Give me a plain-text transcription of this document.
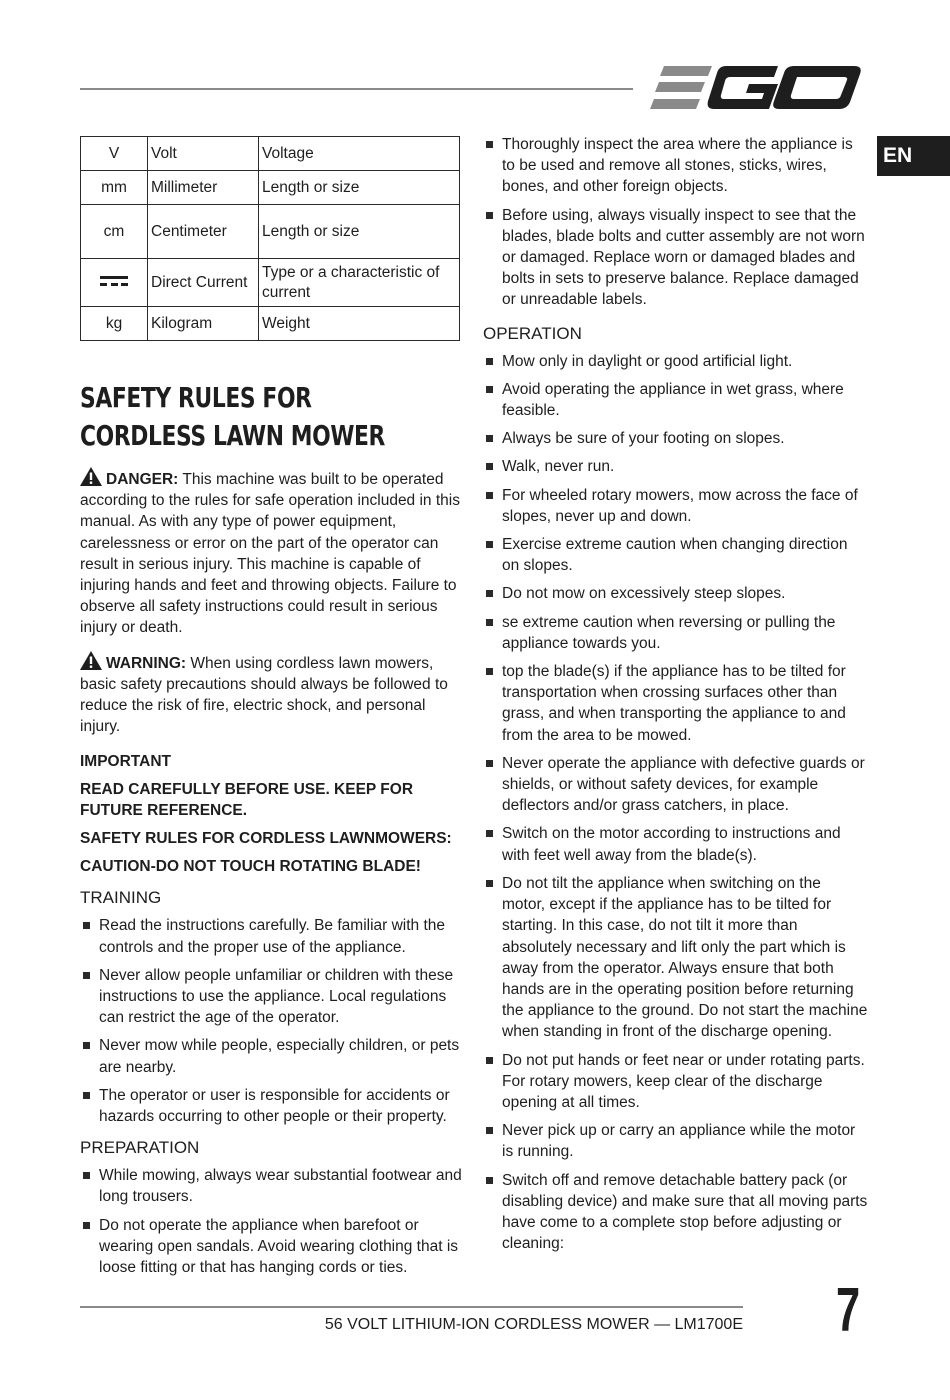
EN
V	Volt	Voltage
mm	Millimeter	Length or size
cm	Centimeter	Length or size

	Direct Current	Type or a characteristic of current
kg	Kilogram	Weight
SAFETY RULES FOR CORDLESS LAWN MOWER

DANGER: This machine was built to be operated according to the rules for safe operation included in this manual. As with any type of power equipment, carelessness or error on the part of the operator can result in serious injury. This machine is capable of injuring hands and feet and throwing objects. Failure to observe all safety instructions could result in serious injury or death.

WARNING: When using cordless lawn mowers, basic safety precautions should always be followed to reduce the risk of fire, electric shock, and personal injury.

IMPORTANT
READ CAREFULLY BEFORE USE. KEEP FOR FUTURE REFERENCE.
SAFETY RULES FOR CORDLESS LAWNMOWERS:
CAUTION-DO NOT TOUCH ROTATING BLADE!
TRAINING
Read the instructions carefully. Be familiar with the controls and the proper use of the appliance.
Never allow people unfamiliar or children with these instructions to use the appliance. Local regulations can restrict the age of the operator.
Never mow while people, especially children, or pets are nearby.
The operator or user is responsible for accidents or hazards occurring to other people or their property.
PREPARATION
While mowing, always wear substantial footwear and long trousers.
Do not operate the appliance when barefoot or wearing open sandals. Avoid wearing clothing that is loose fitting or that has hanging cords or ties.
Thoroughly inspect the area where the appliance is to be used and remove all stones, sticks, wires, bones, and other foreign objects.
Before using, always visually inspect to see that the blades, blade bolts and cutter assembly are not worn or damaged. Replace worn or damaged blades and bolts in sets to preserve balance. Replace damaged or unreadable labels.
OPERATION
Mow only in daylight or good artificial light.
Avoid operating the appliance in wet grass, where feasible.
Always be sure of your footing on slopes.
Walk, never run.
For wheeled rotary mowers, mow across the face of slopes, never up and down.
Exercise extreme caution when changing direction on slopes.
Do not mow on excessively steep slopes.
se extreme caution when reversing or pulling the appliance towards you.
top the blade(s) if the appliance has to be tilted for transportation when crossing surfaces other than grass, and when transporting the appliance to and from the area to be mowed.
Never operate the appliance with defective guards or shields, or without safety devices, for example deflectors and/or grass catchers, in place.
Switch on the motor according to instructions and with feet well away from the blade(s).
Do not tilt the appliance when switching on the motor, except if the appliance has to be tilted for starting. In this case, do not tilt it more than absolutely necessary and lift only the part which is away from the operator. Always ensure that both hands are in the operating position before returning the appliance to the ground. Do not start the machine when standing in front of the discharge opening.
Do not put hands or feet near or under rotating parts. For rotary mowers, keep clear of the discharge opening at all times.
Never pick up or carry an appliance while the motor is running.
Switch off and remove detachable battery pack (or disabling device) and make sure that all moving parts have come to a complete stop before adjusting or cleaning:
56 VOLT LITHIUM-ION CORDLESS MOWER — LM1700E 7
